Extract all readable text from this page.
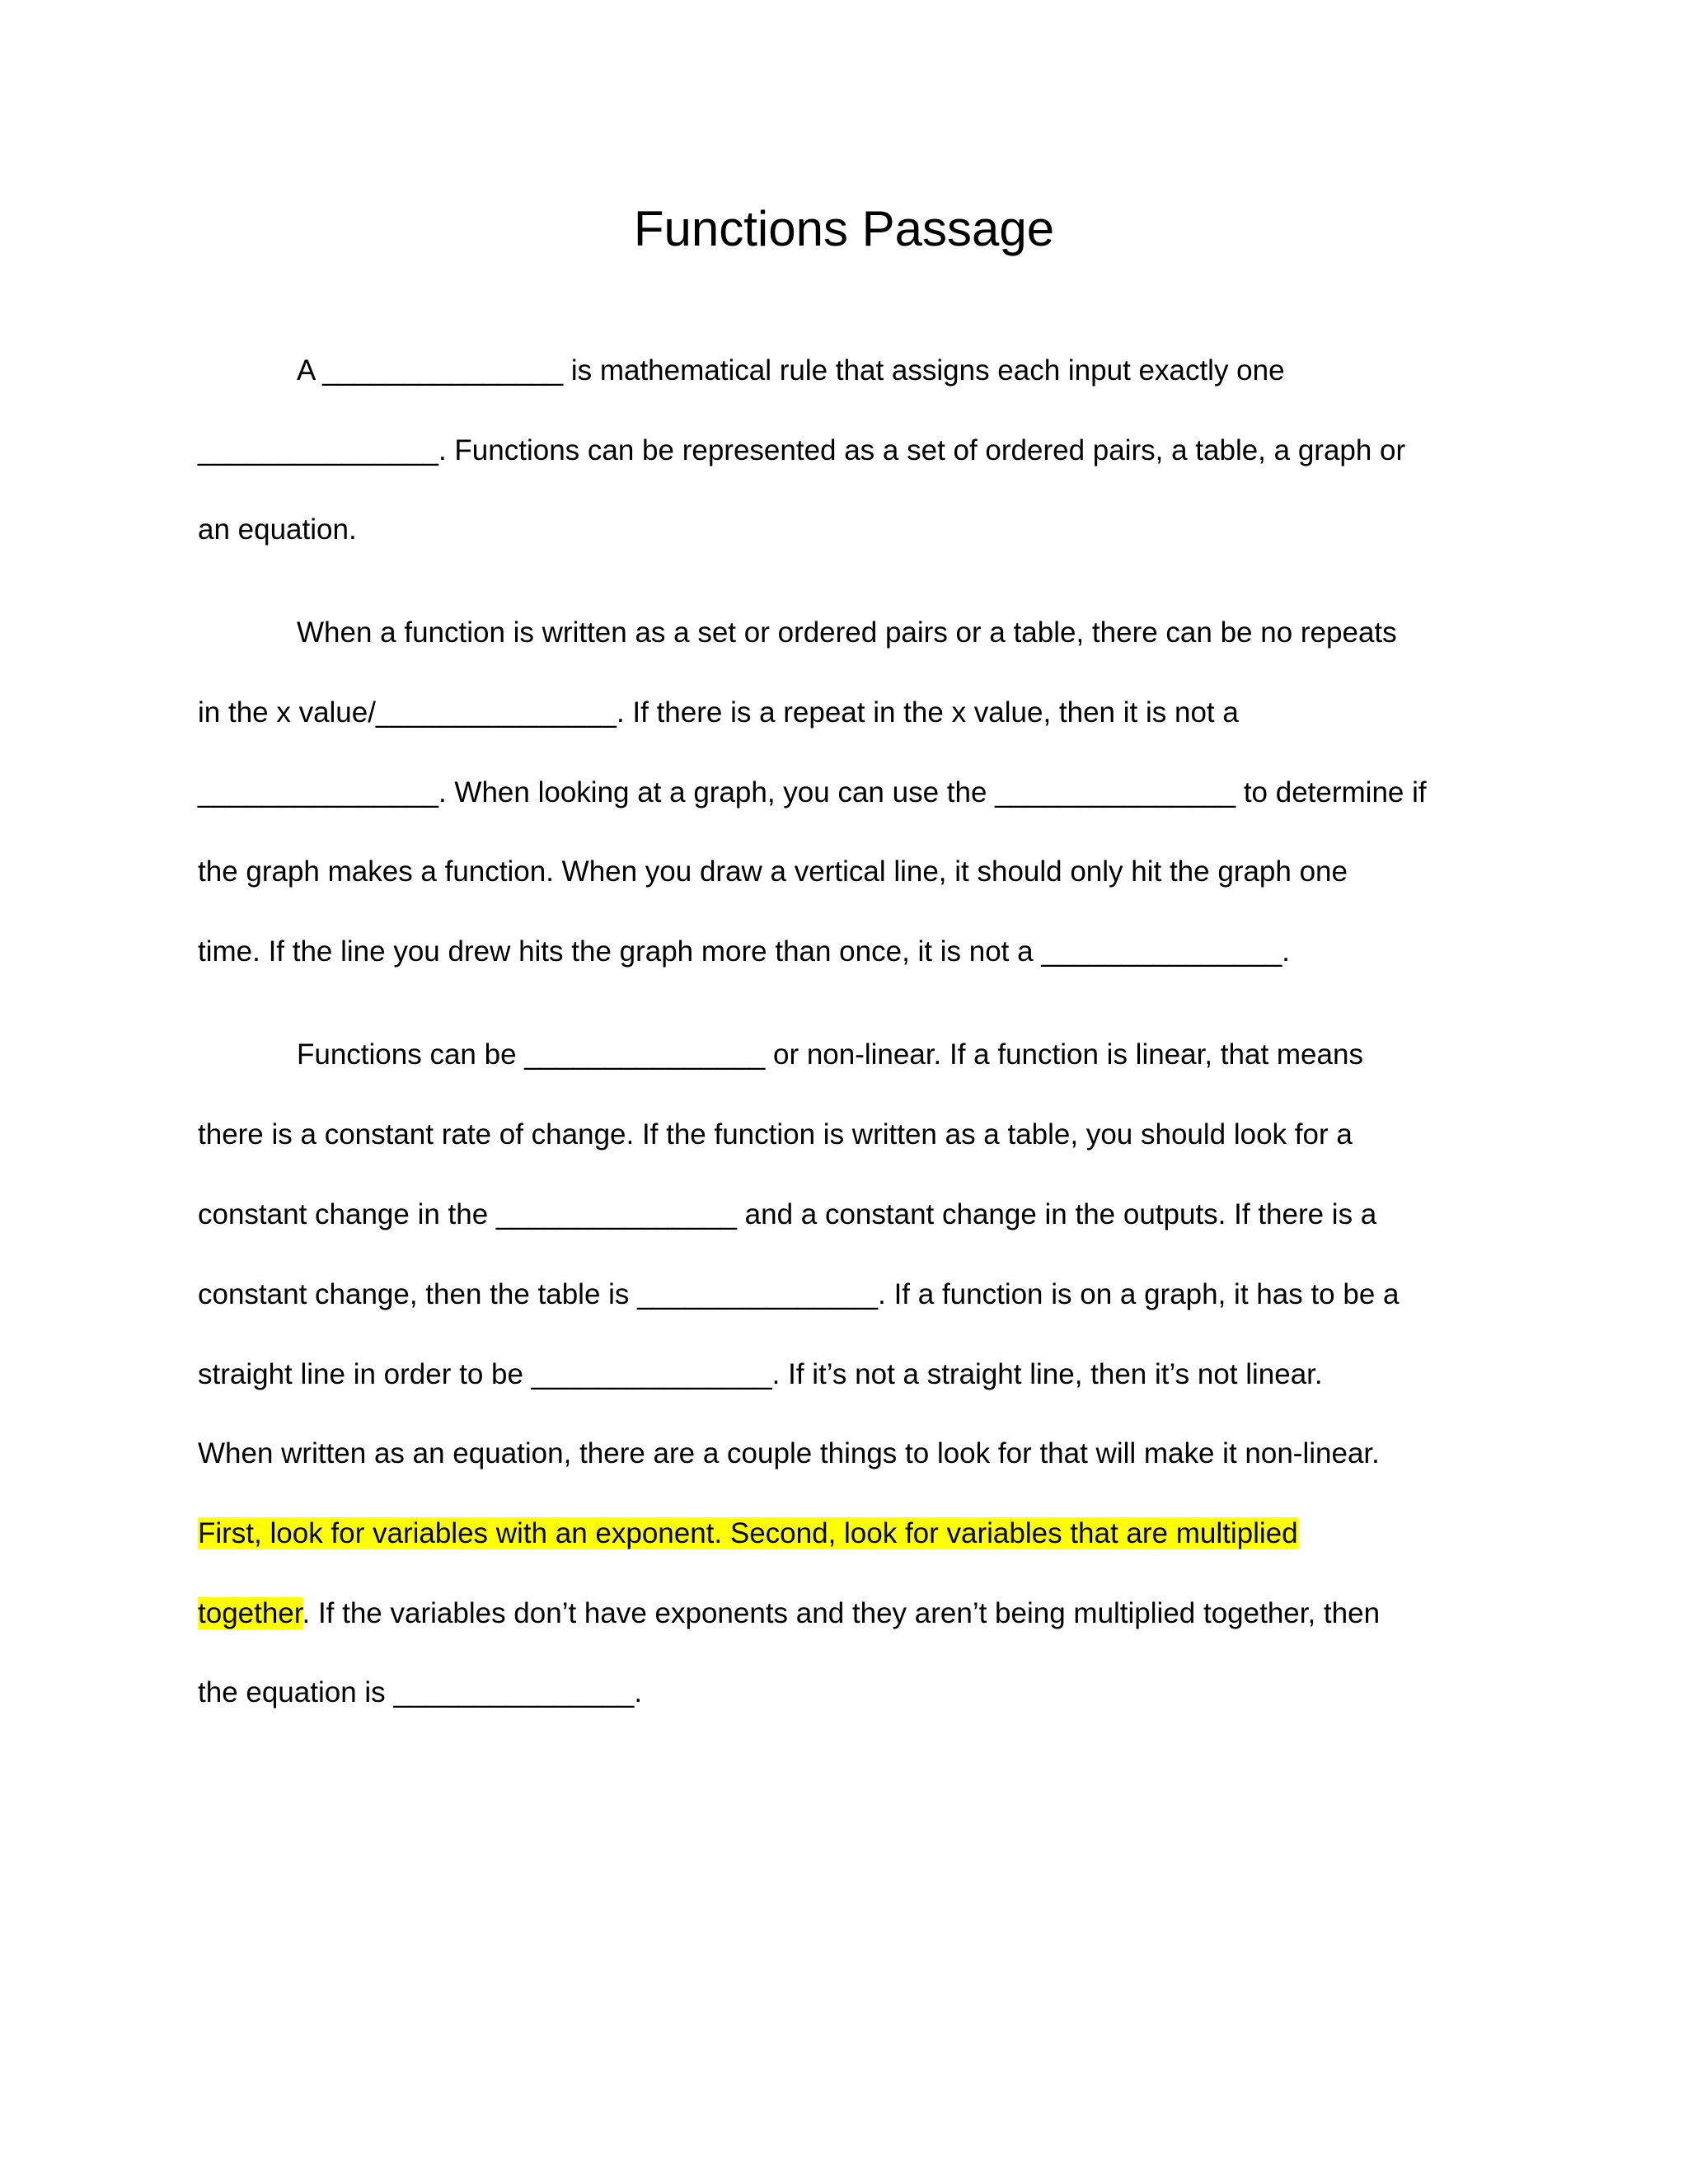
Functions Passage
A _______________ is mathematical rule that assigns each input exactly one
_______________. Functions can be represented as a set of ordered pairs, a table, a graph or
an equation.
When a function is written as a set or ordered pairs or a table, there can be no repeats
in the x value/_______________. If there is a repeat in the x value, then it is not a
_______________. When looking at a graph, you can use the _______________ to determine if
the graph makes a function. When you draw a vertical line, it should only hit the graph one
time. If the line you drew hits the graph more than once, it is not a _______________.
Functions can be _______________ or non-linear. If a function is linear, that means
there is a constant rate of change. If the function is written as a table, you should look for a
constant change in the _______________ and a constant change in the outputs. If there is a
constant change, then the table is _______________. If a function is on a graph, it has to be a
straight line in order to be _______________. If it’s not a straight line, then it’s not linear.
When written as an equation, there are a couple things to look for that will make it non-linear.
First, look for variables with an exponent. Second, look for variables that are multiplied
together. If the variables don’t have exponents and they aren’t being multiplied together, then
the equation is _______________.
